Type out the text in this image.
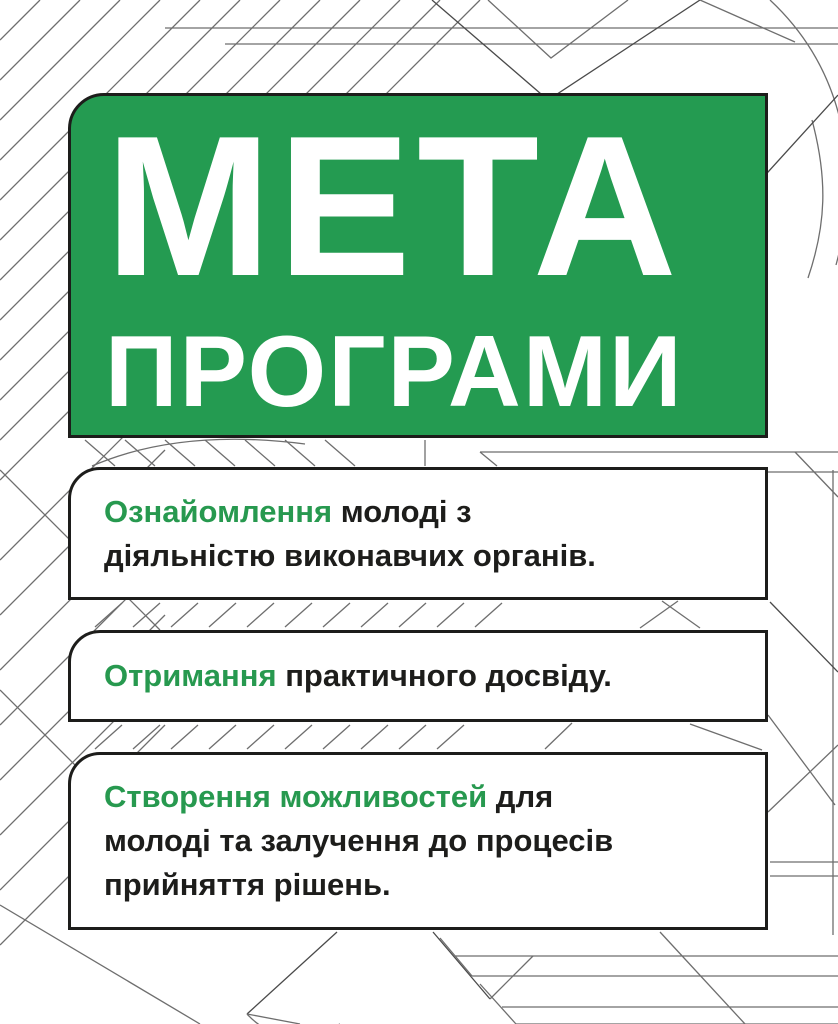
МЕТА
ПРОГРАМИ

Ознайомлення молоді з
діяльністю виконавчих органів.

Отримання практичного досвіду.

Створення можливостей для
молоді та залучення до процесів
прийняття рішень.
